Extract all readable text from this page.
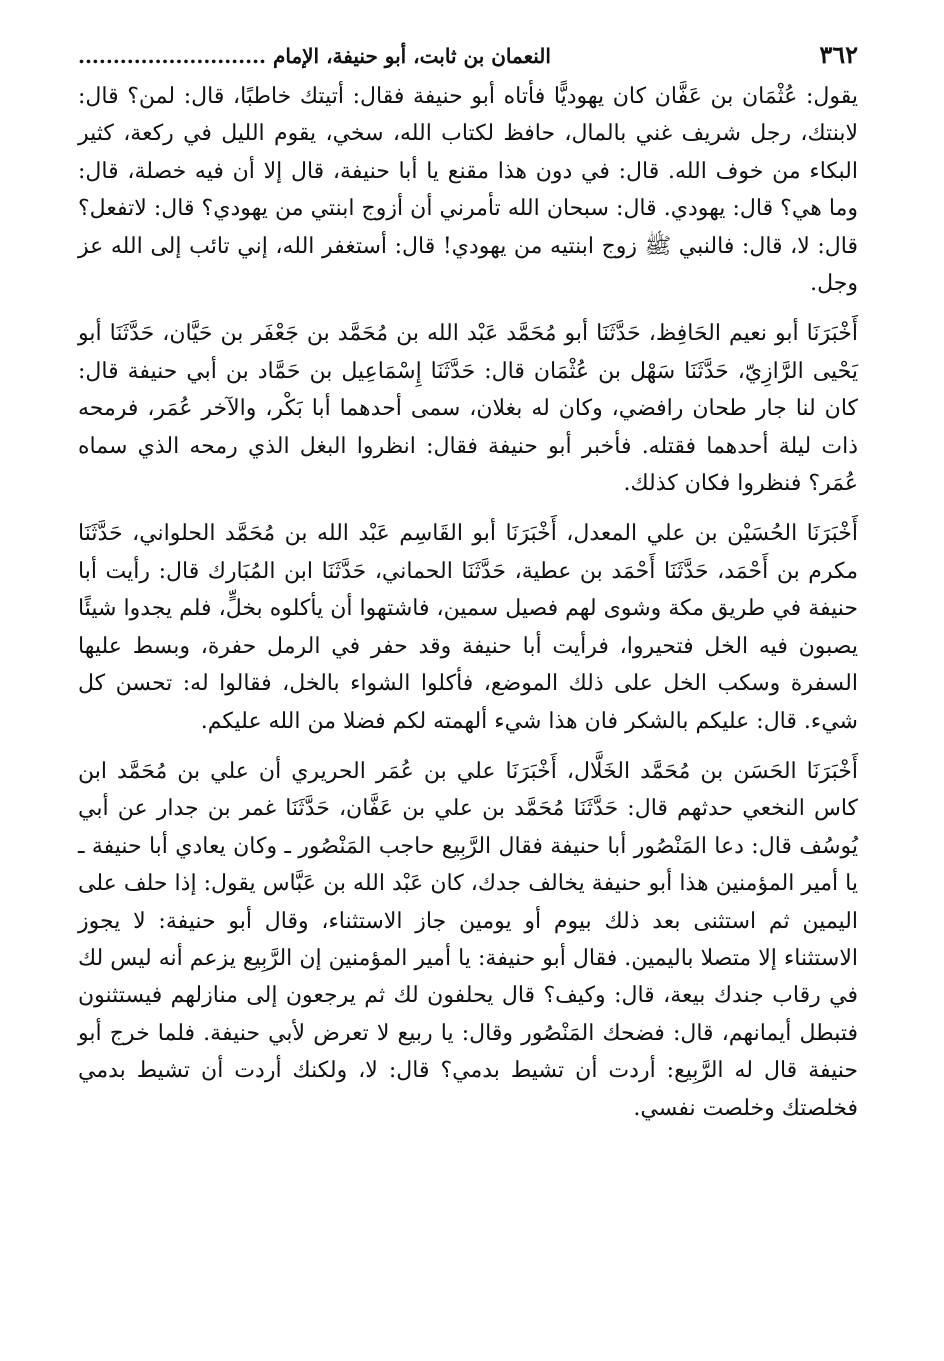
٣٦٢
النعمان بن ثابت، أبو حنيفة، الإمام ...........................

يقول: عُثْمَان بن عَفَّان كان يهوديًّا فأتاه أبو حنيفة فقال: أتيتك خاطبًا، قال: لمن؟ قال: لابنتك، رجل شريف غني بالمال، حافظ لكتاب الله، سخي، يقوم الليل في ركعة، كثير البكاء من خوف الله. قال: في دون هذا مقنع يا أبا حنيفة، قال إلا أن فيه خصلة، قال: وما هي؟ قال: يهودي. قال: سبحان الله تأمرني أن أزوج ابنتي من يهودي؟ قال: لاتفعل؟ قال: لا، قال: فالنبي ﷺ زوج ابنتيه من يهودي! قال: أستغفر الله، إني تائب إلى الله عز وجل.

أَخْبَرَنَا أبو نعيم الحَافِظ، حَدَّثَنَا أبو مُحَمَّد عَبْد الله بن مُحَمَّد بن جَعْفَر بن حَيَّان، حَدَّثَنَا أبو يَحْيى الرَّازِيّ، حَدَّثَنَا سَهْل بن عُثْمَان قال: حَدَّثَنَا إِسْمَاعِيل بن حَمَّاد بن أبي حنيفة قال: كان لنا جار طحان رافضي، وكان له بغلان، سمى أحدهما أبا بَكْر، والآخر عُمَر، فرمحه ذات ليلة أحدهما فقتله. فأخبر أبو حنيفة فقال: انظروا البغل الذي رمحه الذي سماه عُمَر؟ فنظروا فكان كذلك.

أَخْبَرَنَا الحُسَيْن بن علي المعدل، أَخْبَرَنَا أبو القَاسِم عَبْد الله بن مُحَمَّد الحلواني، حَدَّثَنَا مكرم بن أَحْمَد، حَدَّثَنَا أَحْمَد بن عطية، حَدَّثَنَا الحماني، حَدَّثَنَا ابن المُبَارك قال: رأيت أبا حنيفة في طريق مكة وشوى لهم فصيل سمين، فاشتهوا أن يأكلوه بخلٍّ، فلم يجدوا شيئًا يصبون فيه الخل فتحيروا، فرأيت أبا حنيفة وقد حفر في الرمل حفرة، وبسط عليها السفرة وسكب الخل على ذلك الموضع، فأكلوا الشواء بالخل، فقالوا له: تحسن كل شيء. قال: عليكم بالشكر فان هذا شيء ألهمته لكم فضلا من الله عليكم.

أَخْبَرَنَا الحَسَن بن مُحَمَّد الخَلَّال، أَخْبَرَنَا علي بن عُمَر الحريري أن علي بن مُحَمَّد ابن كاس النخعي حدثهم قال: حَدَّثَنَا مُحَمَّد بن علي بن عَفَّان، حَدَّثَنَا غمر بن جدار عن أبي يُوسُف قال: دعا المَنْصُور أبا حنيفة فقال الرَّبِيع حاجب المَنْصُور ـ وكان يعادي أبا حنيفة ـ يا أمير المؤمنين هذا أبو حنيفة يخالف جدك، كان عَبْد الله بن عَبَّاس يقول: إذا حلف على اليمين ثم استثنى بعد ذلك بيوم أو يومين جاز الاستثناء، وقال أبو حنيفة: لا يجوز الاستثناء إلا متصلا باليمين. فقال أبو حنيفة: يا أمير المؤمنين إن الرَّبِيع يزعم أنه ليس لك في رقاب جندك بيعة، قال: وكيف؟ قال يحلفون لك ثم يرجعون إلى منازلهم فيستثنون فتبطل أيمانهم، قال: فضحك المَنْصُور وقال: يا ربيع لا تعرض لأبي حنيفة. فلما خرج أبو حنيفة قال له الرَّبِيع: أردت أن تشيط بدمي؟ قال: لا، ولكنك أردت أن تشيط بدمي فخلصتك وخلصت نفسي.
